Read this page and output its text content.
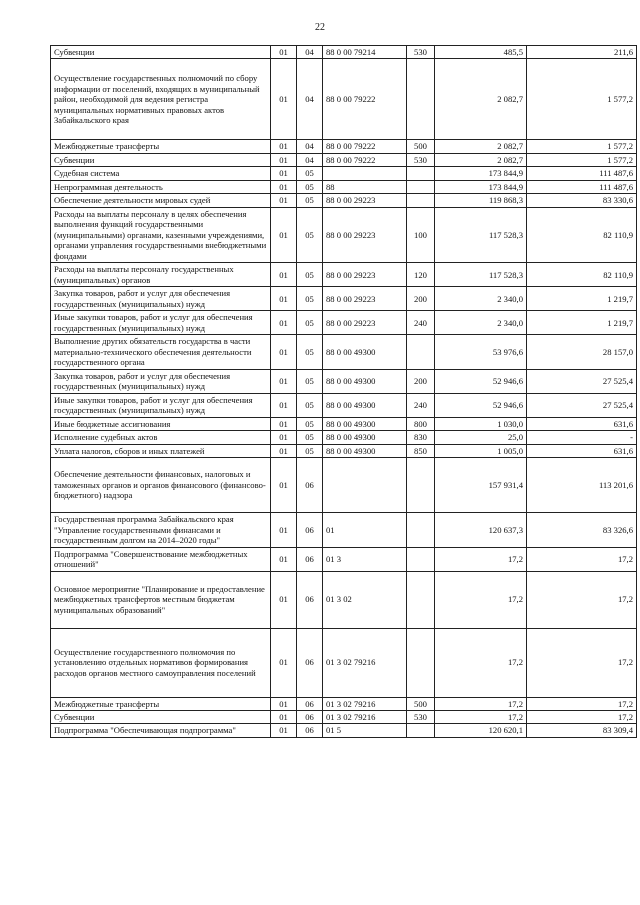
22
Субвенции	01	04	88 0 00 79214	530	485,5	211,6
Осуществление государственных полномочий по сбору информации от поселений, входящих в муниципальный район, необходимой для ведения регистра муниципальных нормативных правовых актов Забайкальского края	01	04	88 0 00 79222		2 082,7	1 577,2
Межбюджетные трансферты	01	04	88 0 00 79222	500	2 082,7	1 577,2
Субвенции	01	04	88 0 00 79222	530	2 082,7	1 577,2
Судебная система	01	05			173 844,9	111 487,6
Непрограммная деятельность	01	05	88		173 844,9	111 487,6
Обеспечение деятельности мировых судей	01	05	88 0 00 29223		119 868,3	83 330,6
Расходы на выплаты персоналу в целях обеспечения выполнения функций государственными (муниципальными) органами, казенными учреждениями, органами управления государственными внебюджетными фондами	01	05	88 0 00 29223	100	117 528,3	82 110,9
Расходы на выплаты персоналу государственных (муниципальных) органов	01	05	88 0 00 29223	120	117 528,3	82 110,9
Закупка товаров, работ и услуг для обеспечения государственных (муниципальных) нужд	01	05	88 0 00 29223	200	2 340,0	1 219,7
Иные закупки товаров, работ и услуг для обеспечения государственных (муниципальных) нужд	01	05	88 0 00 29223	240	2 340,0	1 219,7
Выполнение других обязательств государства в части материально-технического обеспечения деятельности государственного органа	01	05	88 0 00 49300		53 976,6	28 157,0
Закупка товаров, работ и услуг для обеспечения государственных (муниципальных) нужд	01	05	88 0 00 49300	200	52 946,6	27 525,4
Иные закупки товаров, работ и услуг для обеспечения государственных (муниципальных) нужд	01	05	88 0 00 49300	240	52 946,6	27 525,4
Иные бюджетные ассигнования	01	05	88 0 00 49300	800	1 030,0	631,6
Исполнение судебных актов	01	05	88 0 00 49300	830	25,0	-
Уплата налогов, сборов и иных платежей	01	05	88 0 00 49300	850	1 005,0	631,6
Обеспечение деятельности финансовых, налоговых и таможенных органов и органов финансового (финансово-бюджетного) надзора	01	06			157 931,4	113 201,6
Государственная программа Забайкальского края "Управление государственными финансами и государственным долгом на 2014–2020 годы"	01	06	01		120 637,3	83 326,6
Подпрограмма "Совершенствование межбюджетных отношений"	01	06	01 3		17,2	17,2
Основное мероприятие "Планирование и предоставление межбюджетных трансфертов местным бюджетам муниципальных образований"	01	06	01 3 02		17,2	17,2
Осуществление государственного полномочия по установлению отдельных нормативов формирования расходов органов местного самоуправления поселений	01	06	01 3 02 79216		17,2	17,2
Межбюджетные трансферты	01	06	01 3 02 79216	500	17,2	17,2
Субвенции	01	06	01 3 02 79216	530	17,2	17,2
Подпрограмма "Обеспечивающая подпрограмма"	01	06	01 5		120 620,1	83 309,4
